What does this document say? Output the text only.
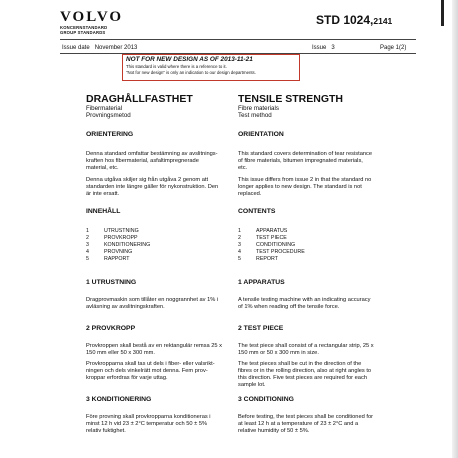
VOLVO
KONCERNSTANDARD
GROUP STANDARDS
STD 1024,2141
Issue date November 2013	Issue 3	Page 1(2)
NOT FOR NEW DESIGN AS OF 2013-11-21
This standard is valid where there is a reference to it.
"Not for new design" is only an indication to our design departments.
DRAGHÅLLFASTHET
Fibermaterial
Provningsmetod
ORIENTERING
Denna standard omfattar bestämning av avslitnings-
kraften hos fibermaterial, asfaltimpregnerade
material, etc.
Denna utgåva skiljer sig från utgåva 2 genom att
standarden inte längre gäller för nykonstruktion. Den
är inte ersatt.
INNEHÅLL
1	UTRUSTNING
2	PROVKROPP
3	KONDITIONERING
4	PROVNING
5	RAPPORT
1 UTRUSTNING
Dragprovmaskin som tillåter en noggrannhet av 1% i
avläsning av avslitningskraften.
2 PROVKROPP
Provkroppen skall bestå av en rektangulär remsa 25 x
150 mm eller 50 x 300 mm.
Provkropparna skall tas ut dels i fiber- eller valsrikt-
ningen och dels vinkelrätt mot denna. Fem prov-
kroppar erfordras för varje uttag.
3 KONDITIONERING
Före provning skall provkropparna konditioneras i
minst 12 h vid 23 ± 2°C temperatur och 50 ± 5%
relativ fuktighet.
TENSILE STRENGTH
Fibre materials
Test method
ORIENTATION
This standard covers determination of tear resistance
of fibre materials, bitumen impregnated materials,
etc.
This issue differs from issue 2 in that the standard no
longer applies to new design. The standard is not
replaced.
CONTENTS
1	APPARATUS
2	TEST PIECE
3	CONDITIONING
4	TEST PROCEDURE
5	REPORT
1 APPARATUS
A tensile testing machine with an indicating accuracy
of 1% when reading off the tensile force.
2 TEST PIECE
The test piece shall consist of a rectangular strip, 25 x
150 mm or 50 x 300 mm in size.
The test pieces shall be cut in the direction of the
fibres or in the rolling direction, also at right angles to
this direction. Five test pieces are required for each
sample lot.
3 CONDITIONING
Before testing, the test pieces shall be conditioned for
at least 12 h at a temperature of 23 ± 2°C and a
relative humidity of 50 ± 5%.
